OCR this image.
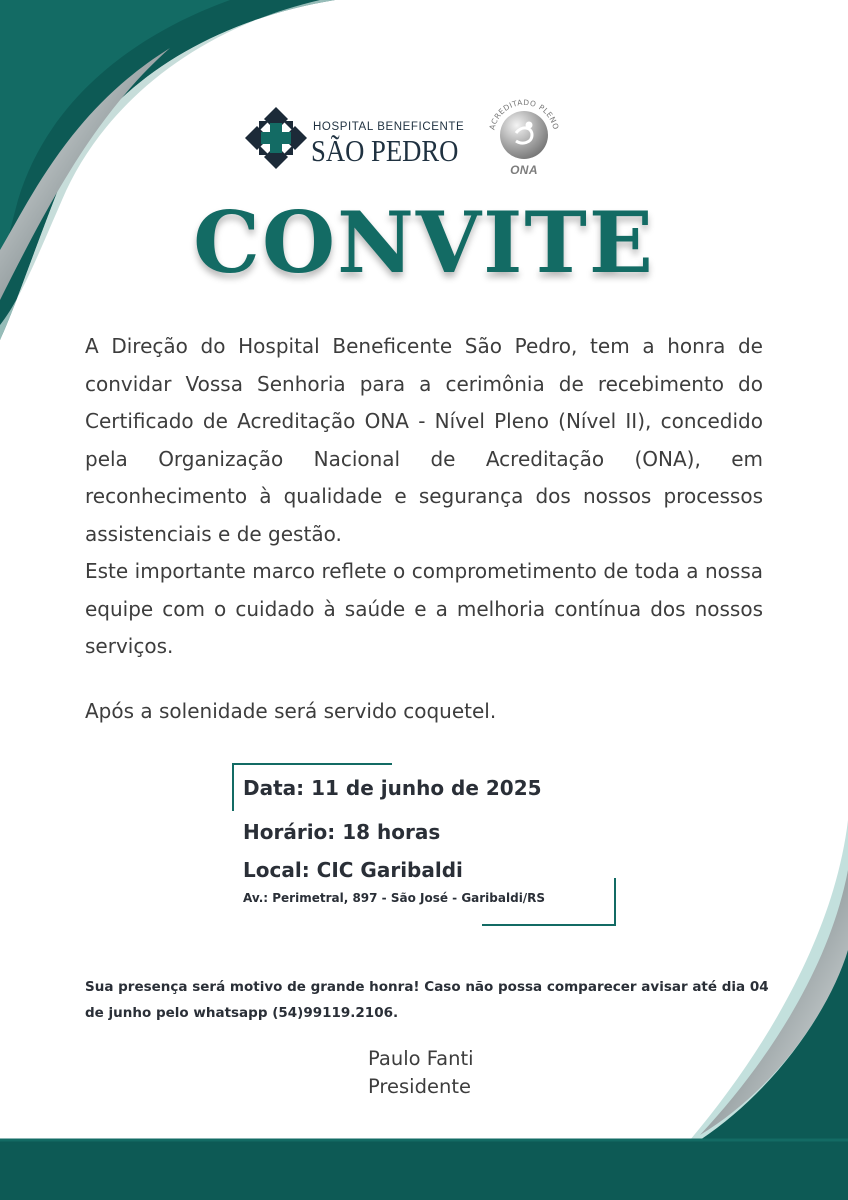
HOSPITAL BENEFICENTE
SÃO PEDRO
ACREDITADO PLENO
ONA
CONVITE
A Direção do Hospital Beneficente São Pedro, tem a honra de convidar Vossa Senhoria para a cerimônia de recebimento do Certificado de Acreditação ONA - Nível Pleno (Nível II), concedido pela Organização Nacional de Acreditação (ONA), em reconhecimento à qualidade e segurança dos nossos processos assistenciais e de gestão.
Este importante marco reflete o comprometimento de toda a nossa equipe com o cuidado à saúde e a melhoria contínua dos nossos serviços.
Após a solenidade será servido coquetel.
Data: 11 de junho de 2025
Horário: 18 horas
Local: CIC Garibaldi
Av.: Perimetral, 897 - São José - Garibaldi/RS
Sua presença será motivo de grande honra! Caso não possa comparecer avisar até dia 04 de junho pelo whatsapp (54)99119.2106.
Paulo Fanti
Presidente
